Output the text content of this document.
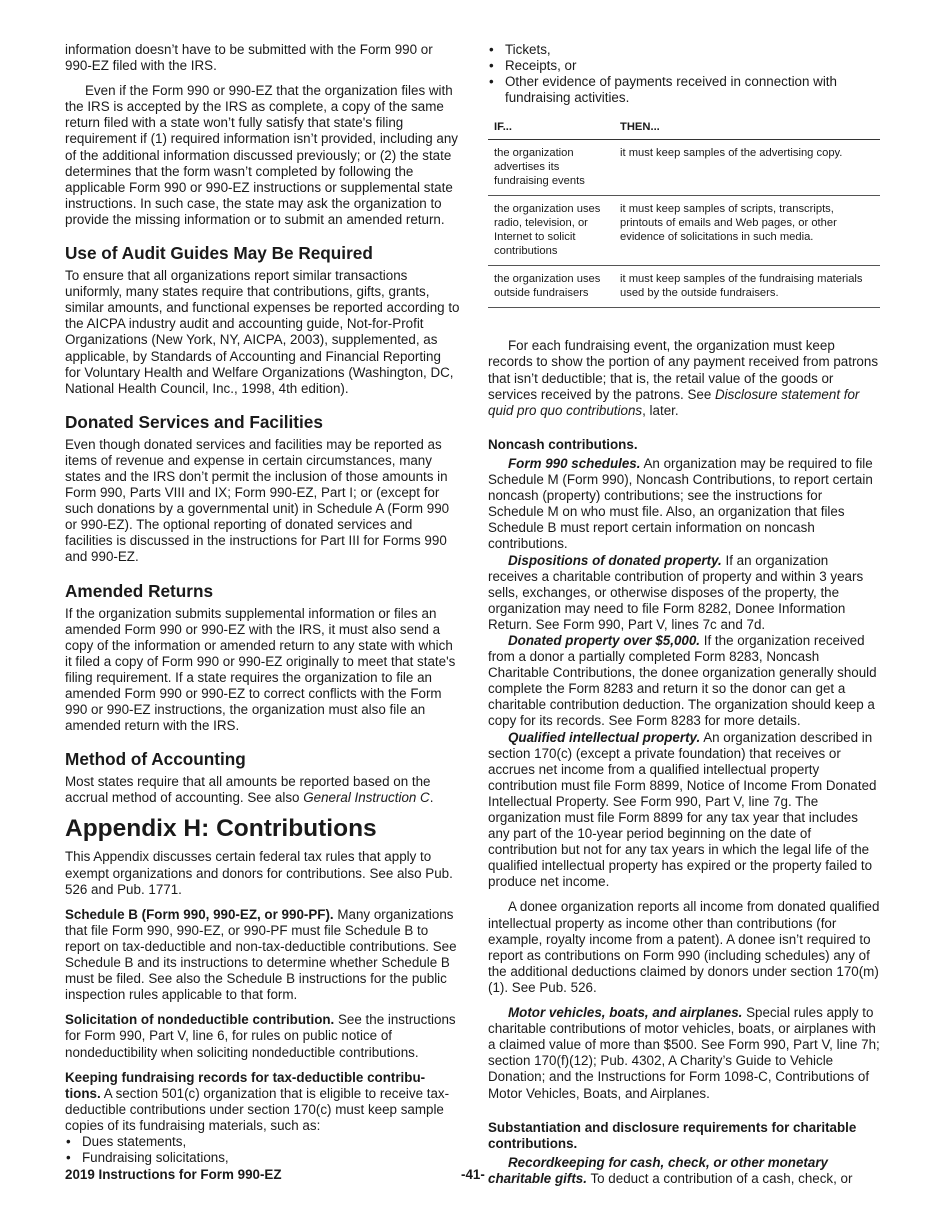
information doesn’t have to be submitted with the Form 990 or 990-EZ filed with the IRS.

Even if the Form 990 or 990-EZ that the organization files with the IRS is accepted by the IRS as complete, a copy of the same return filed with a state won’t fully satisfy that state's filing requirement if (1) required information isn’t provided, including any of the additional information discussed previously; or (2) the state determines that the form wasn’t completed by following the applicable Form 990 or 990-EZ instructions or supplemental state instructions. In such case, the state may ask the organization to provide the missing information or to submit an amended return.

Use of Audit Guides May Be Required

To ensure that all organizations report similar transactions uniformly, many states require that contributions, gifts, grants, similar amounts, and functional expenses be reported according to the AICPA industry audit and accounting guide, Not-for-Profit Organizations (New York, NY, AICPA, 2003), supplemented, as applicable, by Standards of Accounting and Financial Reporting for Voluntary Health and Welfare Organizations (Washington, DC, National Health Council, Inc., 1998, 4th edition).

Donated Services and Facilities

Even though donated services and facilities may be reported as items of revenue and expense in certain circumstances, many states and the IRS don’t permit the inclusion of those amounts in Form 990, Parts VIII and IX; Form 990-EZ, Part I; or (except for such donations by a governmental unit) in Schedule A (Form 990 or 990-EZ). The optional reporting of donated services and facilities is discussed in the instructions for Part III for Forms 990 and 990-EZ.

Amended Returns

If the organization submits supplemental information or files an amended Form 990 or 990-EZ with the IRS, it must also send a copy of the information or amended return to any state with which it filed a copy of Form 990 or 990-EZ originally to meet that state's filing requirement. If a state requires the organization to file an amended Form 990 or 990-EZ to correct conflicts with the Form 990 or 990-EZ instructions, the organization must also file an amended return with the IRS.

Method of Accounting

Most states require that all amounts be reported based on the accrual method of accounting. See also General Instruction C.

Appendix H: Contributions

This Appendix discusses certain federal tax rules that apply to exempt organizations and donors for contributions. See also Pub. 526 and Pub. 1771.

Schedule B (Form 990, 990-EZ, or 990-PF). Many organizations that file Form 990, 990-EZ, or 990-PF must file Schedule B to report on tax-deductible and non-tax-deductible contributions. See Schedule B and its instructions to determine whether Schedule B must be filed. See also the Schedule B instructions for the public inspection rules applicable to that form.

Solicitation of nondeductible contribution. See the instructions for Form 990, Part V, line 6, for rules on public notice of nondeductibility when soliciting nondeductible contributions.

Keeping fundraising records for tax-deductible contribu-tions. A section 501(c) organization that is eligible to receive tax-deductible contributions under section 170(c) must keep sample copies of its fundraising materials, such as:

• Dues statements,
• Fundraising solicitations,
• Tickets,
• Receipts, or
• Other evidence of payments received in connection with fundraising activities.
IF...	THEN...
the organization advertises its fundraising events	it must keep samples of the advertising copy.
the organization uses radio, television, or Internet to solicit contributions	it must keep samples of scripts, transcripts, printouts of emails and Web pages, or other evidence of solicitations in such media.
the organization uses outside fundraisers	it must keep samples of the fundraising materials used by the outside fundraisers.

For each fundraising event, the organization must keep records to show the portion of any payment received from patrons that isn’t deductible; that is, the retail value of the goods or services received by the patrons. See Disclosure statement for quid pro quo contributions, later.

Noncash contributions.

Form 990 schedules. An organization may be required to file Schedule M (Form 990), Noncash Contributions, to report certain noncash (property) contributions; see the instructions for Schedule M on who must file. Also, an organization that files Schedule B must report certain information on noncash contributions.

Dispositions of donated property. If an organization receives a charitable contribution of property and within 3 years sells, exchanges, or otherwise disposes of the property, the organization may need to file Form 8282, Donee Information Return. See Form 990, Part V, lines 7c and 7d.

Donated property over $5,000. If the organization received from a donor a partially completed Form 8283, Noncash Charitable Contributions, the donee organization generally should complete the Form 8283 and return it so the donor can get a charitable contribution deduction. The organization should keep a copy for its records. See Form 8283 for more details.

Qualified intellectual property. An organization described in section 170(c) (except a private foundation) that receives or accrues net income from a qualified intellectual property contribution must file Form 8899, Notice of Income From Donated Intellectual Property. See Form 990, Part V, line 7g. The organization must file Form 8899 for any tax year that includes any part of the 10-year period beginning on the date of contribution but not for any tax years in which the legal life of the qualified intellectual property has expired or the property failed to produce net income.

A donee organization reports all income from donated qualified intellectual property as income other than contributions (for example, royalty income from a patent). A donee isn’t required to report as contributions on Form 990 (including schedules) any of the additional deductions claimed by donors under section 170(m)(1). See Pub. 526.

Motor vehicles, boats, and airplanes. Special rules apply to charitable contributions of motor vehicles, boats, or airplanes with a claimed value of more than $500. See Form 990, Part V, line 7h; section 170(f)(12); Pub. 4302, A Charity’s Guide to Vehicle Donation; and the Instructions for Form 1098-C, Contributions of Motor Vehicles, Boats, and Airplanes.

Substantiation and disclosure requirements for charitable contributions.

Recordkeeping for cash, check, or other monetary charitable gifts. To deduct a contribution of a cash, check, or

2019 Instructions for Form 990-EZ	-41-
